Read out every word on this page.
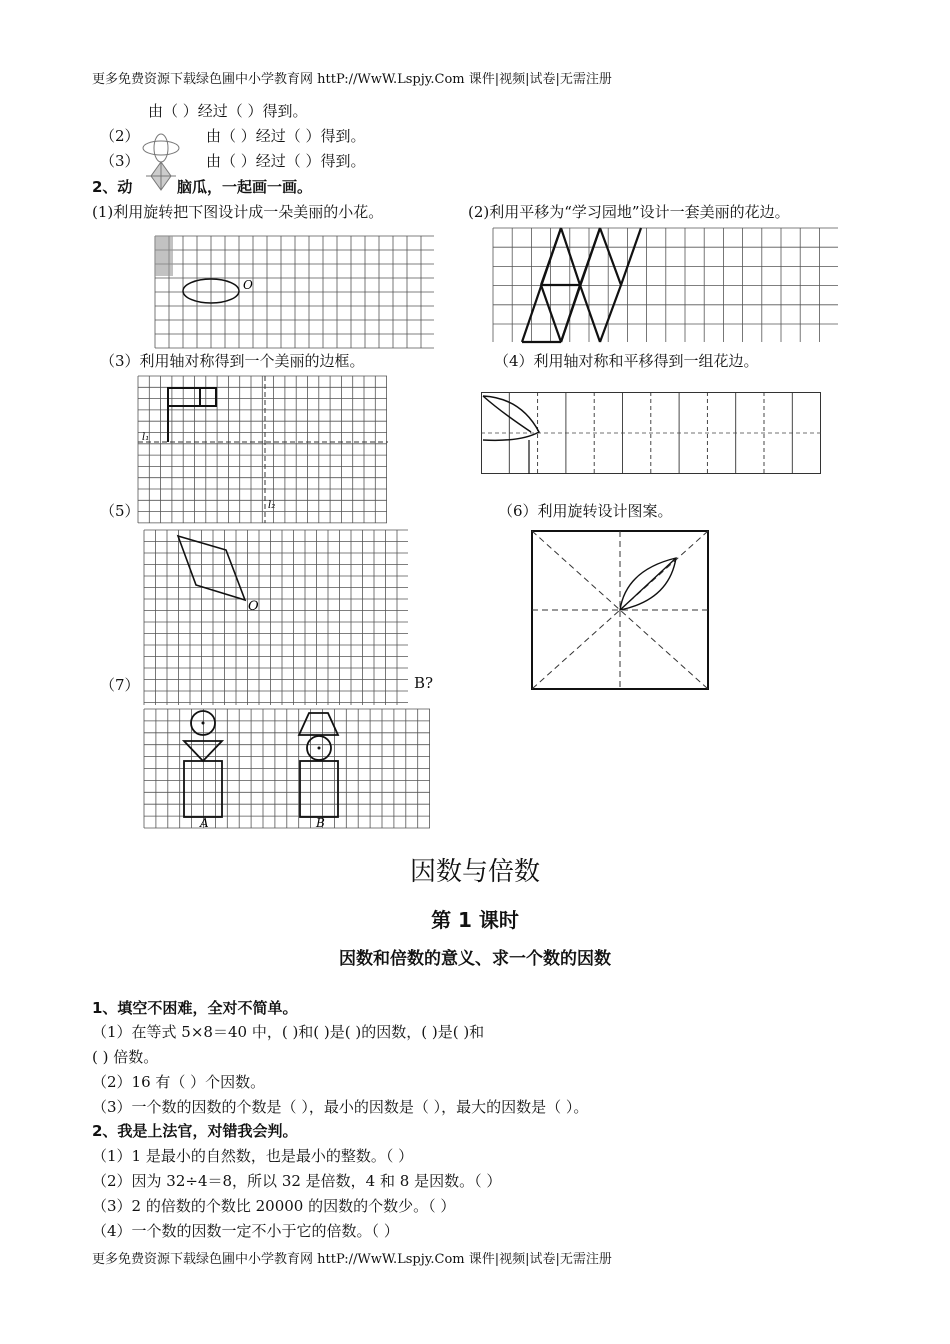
更多免费资源下载绿色圃中小学教育网 httP://WwW.Lspjy.Com 课件|视频|试卷|无需注册
由（ ）经过（ ）得到。
（2）	由（ ）经过（ ）得到。
（3）	由（ ）经过（ ）得到。
2、动	脑瓜，一起画一画。
(1)利用旋转把下图设计成一朵美丽的小花。	(2)利用平移为“学习园地”设计一套美丽的花边。
O
（3）利用轴对称得到一个美丽的边框。	（4）利用轴对称和平移得到一组花边。
l₁
l₂
（5）	（6）利用旋转设计图案。
O
（7）	B?
A	B
因数与倍数
第 1 课时
因数和倍数的意义、求一个数的因数
1、填空不困难，全对不简单。
（1）在等式 5×8＝40 中，( )和( )是( )的因数，( )是( )和
( ) 倍数。
（2）16 有（ ）个因数。
（3）一个数的因数的个数是（ ），最小的因数是（ ），最大的因数是（ ）。
2、我是上法官，对错我会判。
（1）1 是最小的自然数，也是最小的整数。（ ）
（2）因为 32÷4＝8，所以 32 是倍数，4 和 8 是因数。（ ）
（3）2 的倍数的个数比 20000 的因数的个数少。（ ）
（4）一个数的因数一定不小于它的倍数。（ ）
更多免费资源下载绿色圃中小学教育网 httP://WwW.Lspjy.Com 课件|视频|试卷|无需注册
